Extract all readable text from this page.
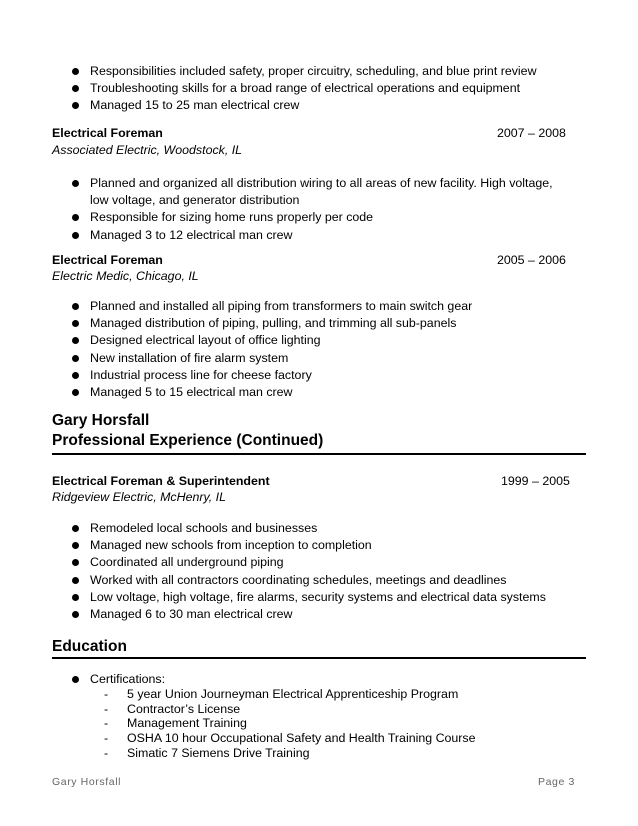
Responsibilities included safety, proper circuitry, scheduling, and blue print review
Troubleshooting skills for a broad range of electrical operations and equipment
Managed 15 to 25 man electrical crew
Electrical Foreman	2007 – 2008
Associated Electric, Woodstock, IL
Planned and organized all distribution wiring to all areas of new facility. High voltage, low voltage, and generator distribution
Responsible for sizing home runs properly per code
Managed 3 to 12 electrical man crew
Electrical Foreman	2005 – 2006
Electric Medic, Chicago, IL
Planned and installed all piping from transformers to main switch gear
Managed distribution of piping, pulling, and trimming all sub-panels
Designed electrical layout of office lighting
New installation of fire alarm system
Industrial process line for cheese factory
Managed 5 to 15 electrical man crew
Gary Horsfall
Professional Experience (Continued)
Electrical Foreman & Superintendent	1999 – 2005
Ridgeview Electric, McHenry, IL
Remodeled local schools and businesses
Managed new schools from inception to completion
Coordinated all underground piping
Worked with all contractors coordinating schedules, meetings and deadlines
Low voltage, high voltage, fire alarms, security systems and electrical data systems
Managed 6 to 30 man electrical crew
Education
Certifications:
- 5 year Union Journeyman Electrical Apprenticeship Program
- Contractor’s License
- Management Training
- OSHA 10 hour Occupational Safety and Health Training Course
- Simatic 7 Siemens Drive Training
Gary Horsfall	Page 3
